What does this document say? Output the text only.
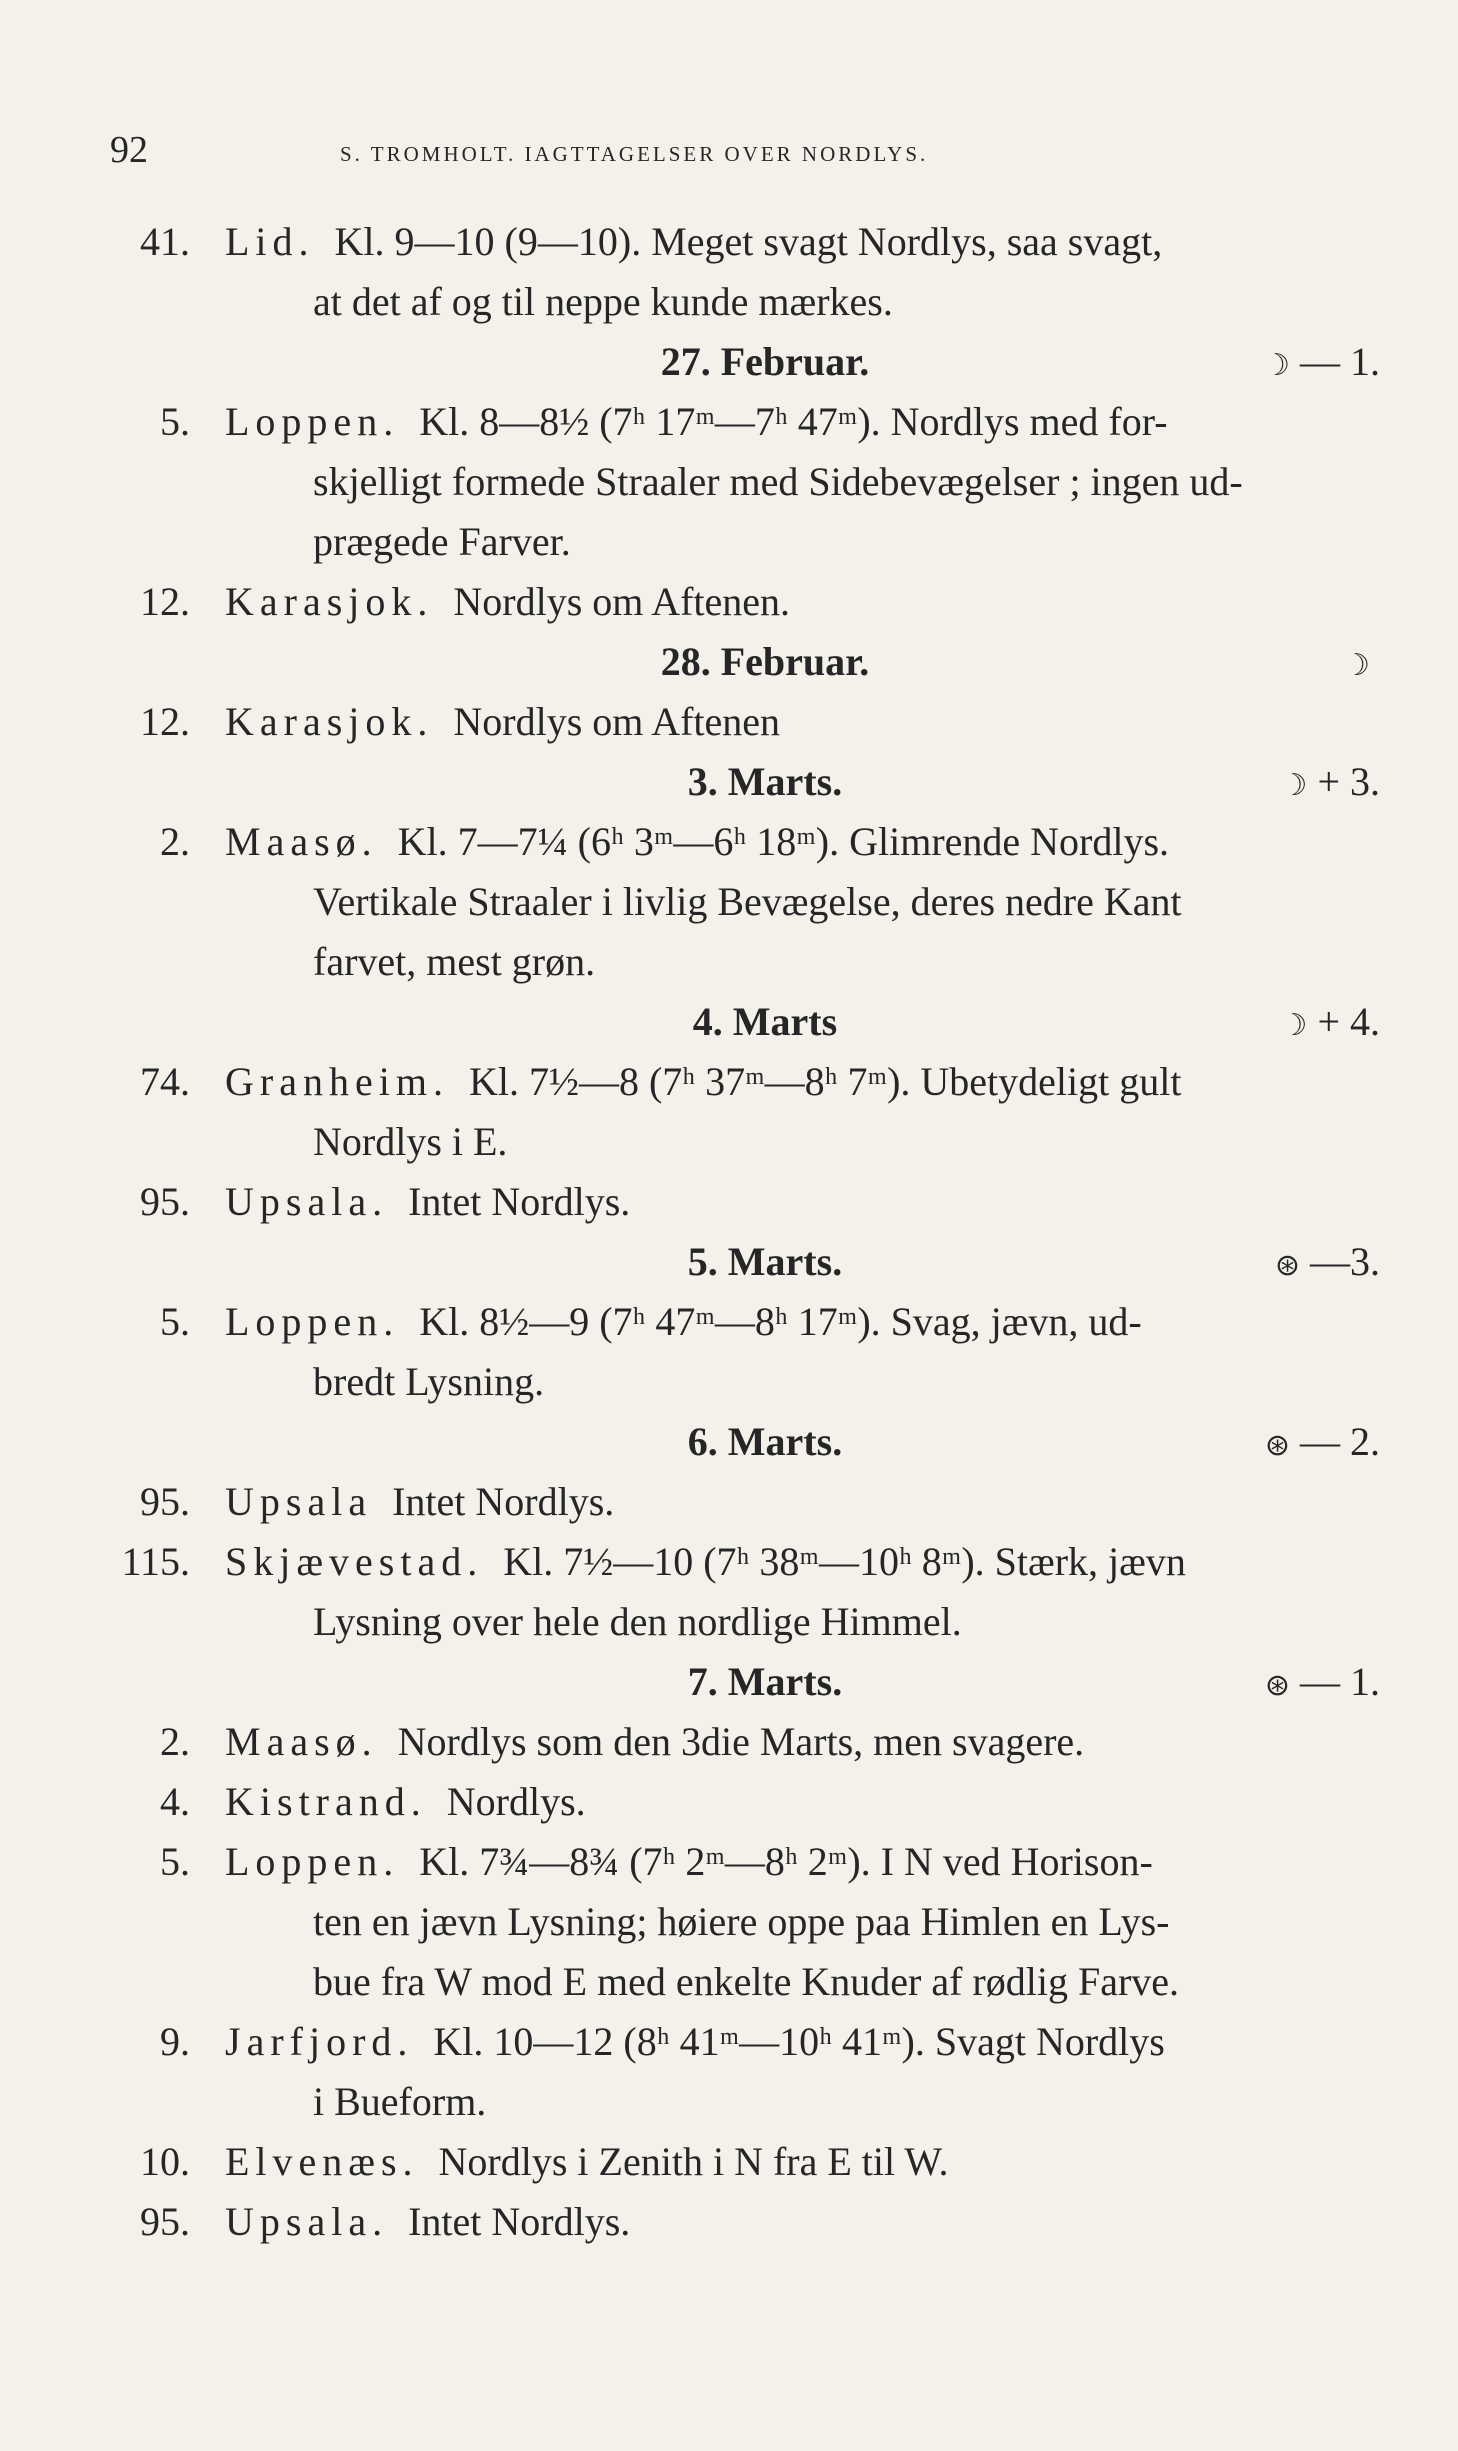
92	S. TROMHOLT. IAGTTAGELSER OVER NORDLYS.
41. Lid. Kl. 9—10 (9—10). Meget svagt Nordlys, saa svagt,
at det af og til neppe kunde mærkes.
27. Februar.	☽ — 1.
5. Loppen. Kl. 8—8½ (7ʰ 17ᵐ—7ʰ 47ᵐ). Nordlys med for-
skjelligt formede Straaler med Sidebevægelser ; ingen ud-
prægede Farver.
12. Karasjok. Nordlys om Aftenen.
28. Februar.	☽
12. Karasjok. Nordlys om Aftenen
3. Marts.	☽ + 3.
2. Maasø. Kl. 7—7¼ (6ʰ 3ᵐ—6ʰ 18ᵐ). Glimrende Nordlys.
Vertikale Straaler i livlig Bevægelse, deres nedre Kant
farvet, mest grøn.
4. Marts	☽ + 4.
74. Granheim. Kl. 7½—8 (7ʰ 37ᵐ—8ʰ 7ᵐ). Ubetydeligt gult
Nordlys i E.
95. Upsala. Intet Nordlys.
5. Marts.	⊛ —3.
5. Loppen. Kl. 8½—9 (7ʰ 47ᵐ—8ʰ 17ᵐ). Svag, jævn, ud-
bredt Lysning.
6. Marts.	⊛ — 2.
95. Upsala Intet Nordlys.
115. Skjævestad. Kl. 7½—10 (7ʰ 38ᵐ—10ʰ 8ᵐ). Stærk, jævn
Lysning over hele den nordlige Himmel.
7. Marts.	⊛ — 1.
2. Maasø. Nordlys som den 3die Marts, men svagere.
4. Kistrand. Nordlys.
5. Loppen. Kl. 7¾—8¾ (7ʰ 2ᵐ—8ʰ 2ᵐ). I N ved Horison-
ten en jævn Lysning; høiere oppe paa Himlen en Lys-
bue fra W mod E med enkelte Knuder af rødlig Farve.
9. Jarfjord. Kl. 10—12 (8ʰ 41ᵐ—10ʰ 41ᵐ). Svagt Nordlys
i Bueform.
10. Elvenæs. Nordlys i Zenith i N fra E til W.
95. Upsala. Intet Nordlys.
